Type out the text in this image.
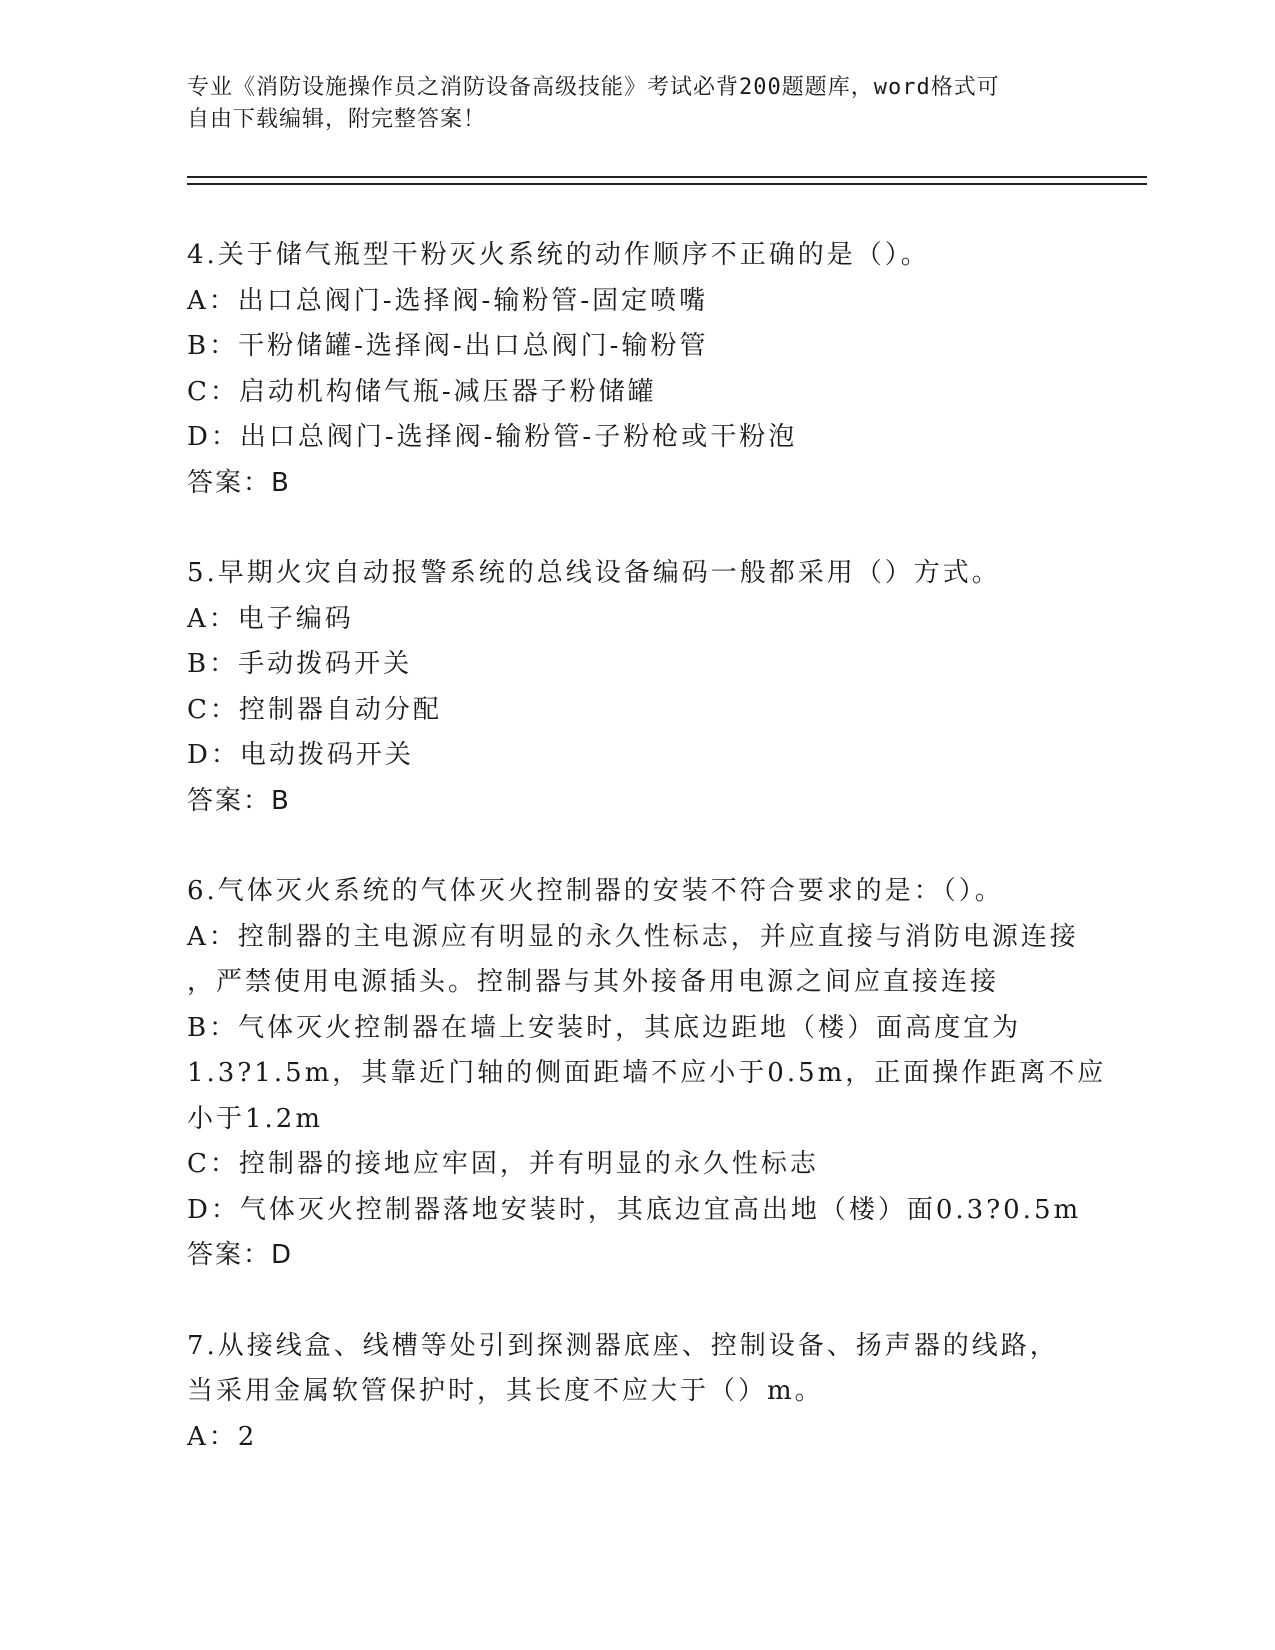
专业《消防设施操作员之消防设备高级技能》考试必背200题题库，word格式可
自由下载编辑，附完整答案！
4.关于储气瓶型干粉灭火系统的动作顺序不正确的是（）。
A：出口总阀门-选择阀-输粉管-固定喷嘴
B：干粉储罐-选择阀-出口总阀门-输粉管
C：启动机构储气瓶-减压器子粉储罐
D：出口总阀门-选择阀-输粉管-子粉枪或干粉泡
答案：B
5.早期火灾自动报警系统的总线设备编码一般都采用（）方式。
A：电子编码
B：手动拨码开关
C：控制器自动分配
D：电动拨码开关
答案：B
6.气体灭火系统的气体灭火控制器的安装不符合要求的是：（）。
A：控制器的主电源应有明显的永久性标志，并应直接与消防电源连接
，严禁使用电源插头。控制器与其外接备用电源之间应直接连接
B：气体灭火控制器在墙上安装时，其底边距地（楼）面高度宜为
1.3?1.5m，其靠近门轴的侧面距墙不应小于0.5m，正面操作距离不应
小于1.2m
C：控制器的接地应牢固，并有明显的永久性标志
D：气体灭火控制器落地安装时，其底边宜高出地（楼）面0.3?0.5m
答案：D
7.从接线盒、线槽等处引到探测器底座、控制设备、扬声器的线路，
当采用金属软管保护时，其长度不应大于（）m。
A：2
